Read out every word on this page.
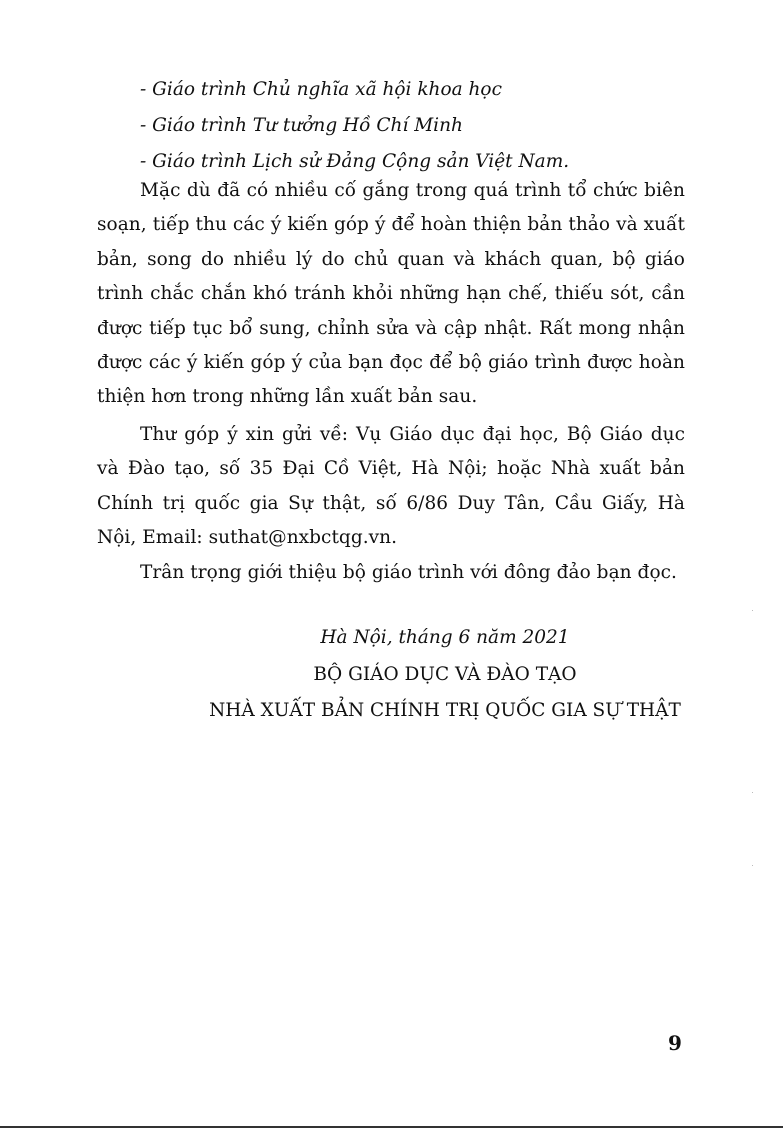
- Giáo trình Chủ nghĩa xã hội khoa học
- Giáo trình Tư tưởng Hồ Chí Minh
- Giáo trình Lịch sử Đảng Cộng sản Việt Nam.

Mặc dù đã có nhiều cố gắng trong quá trình tổ chức biên soạn, tiếp thu các ý kiến góp ý để hoàn thiện bản thảo và xuất bản, song do nhiều lý do chủ quan và khách quan, bộ giáo trình chắc chắn khó tránh khỏi những hạn chế, thiếu sót, cần được tiếp tục bổ sung, chỉnh sửa và cập nhật. Rất mong nhận được các ý kiến góp ý của bạn đọc để bộ giáo trình được hoàn thiện hơn trong những lần xuất bản sau.

Thư góp ý xin gửi về: Vụ Giáo dục đại học, Bộ Giáo dục và Đào tạo, số 35 Đại Cồ Việt, Hà Nội; hoặc Nhà xuất bản Chính trị quốc gia Sự thật, số 6/86 Duy Tân, Cầu Giấy, Hà Nội, Email: suthat@nxbctqg.vn.

Trân trọng giới thiệu bộ giáo trình với đông đảo bạn đọc.

Hà Nội, tháng 6 năm 2021
BỘ GIÁO DỤC VÀ ĐÀO TẠO
NHÀ XUẤT BẢN CHÍNH TRỊ QUỐC GIA SỰ THẬT
9
